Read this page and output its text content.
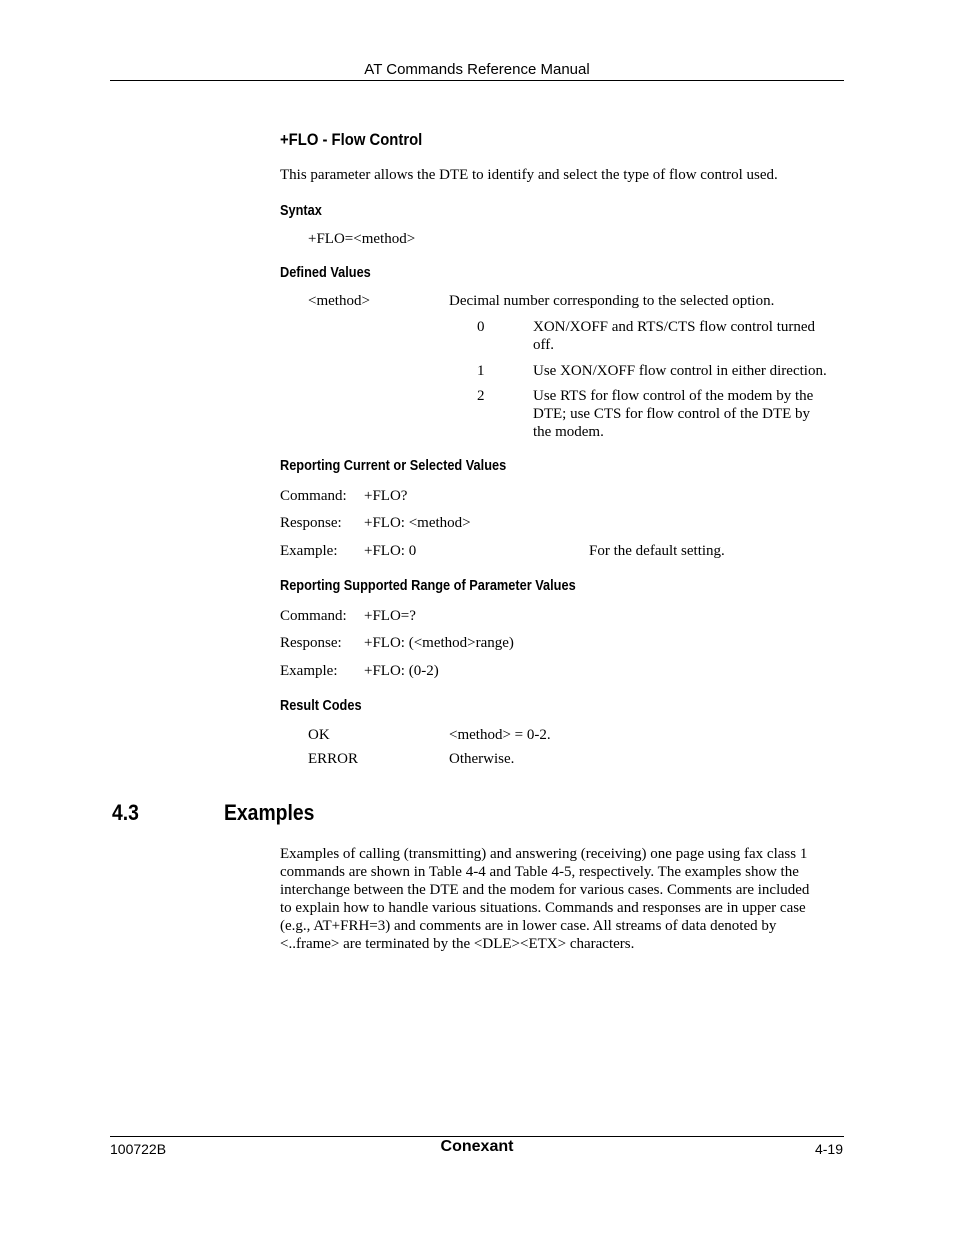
AT Commands Reference Manual
+FLO - Flow Control
This parameter allows the DTE to identify and select the type of flow control used.
Syntax
+FLO=<method>
Defined Values
<method>	Decimal number corresponding to the selected option.
0	XON/XOFF and RTS/CTS flow control turned
off.
1	Use XON/XOFF flow control in either direction.
2	Use RTS for flow control of the modem by the
DTE; use CTS for flow control of the DTE by
the modem.
Reporting Current or Selected Values
Command: +FLO?
Response: +FLO: <method>
Example: +FLO: 0	For the default setting.
Reporting Supported Range of Parameter Values
Command: +FLO=?
Response: +FLO: (<method>range)
Example: +FLO: (0-2)
Result Codes
OK	<method> = 0-2.
ERROR	Otherwise.
4.3	Examples
Examples of calling (transmitting) and answering (receiving) one page using fax class 1
commands are shown in Table 4-4 and Table 4-5, respectively. The examples show the
interchange between the DTE and the modem for various cases. Comments are included
to explain how to handle various situations. Commands and responses are in upper case
(e.g., AT+FRH=3) and comments are in lower case. All streams of data denoted by
<..frame> are terminated by the <DLE><ETX> characters.
100722B	Conexant	4-19
